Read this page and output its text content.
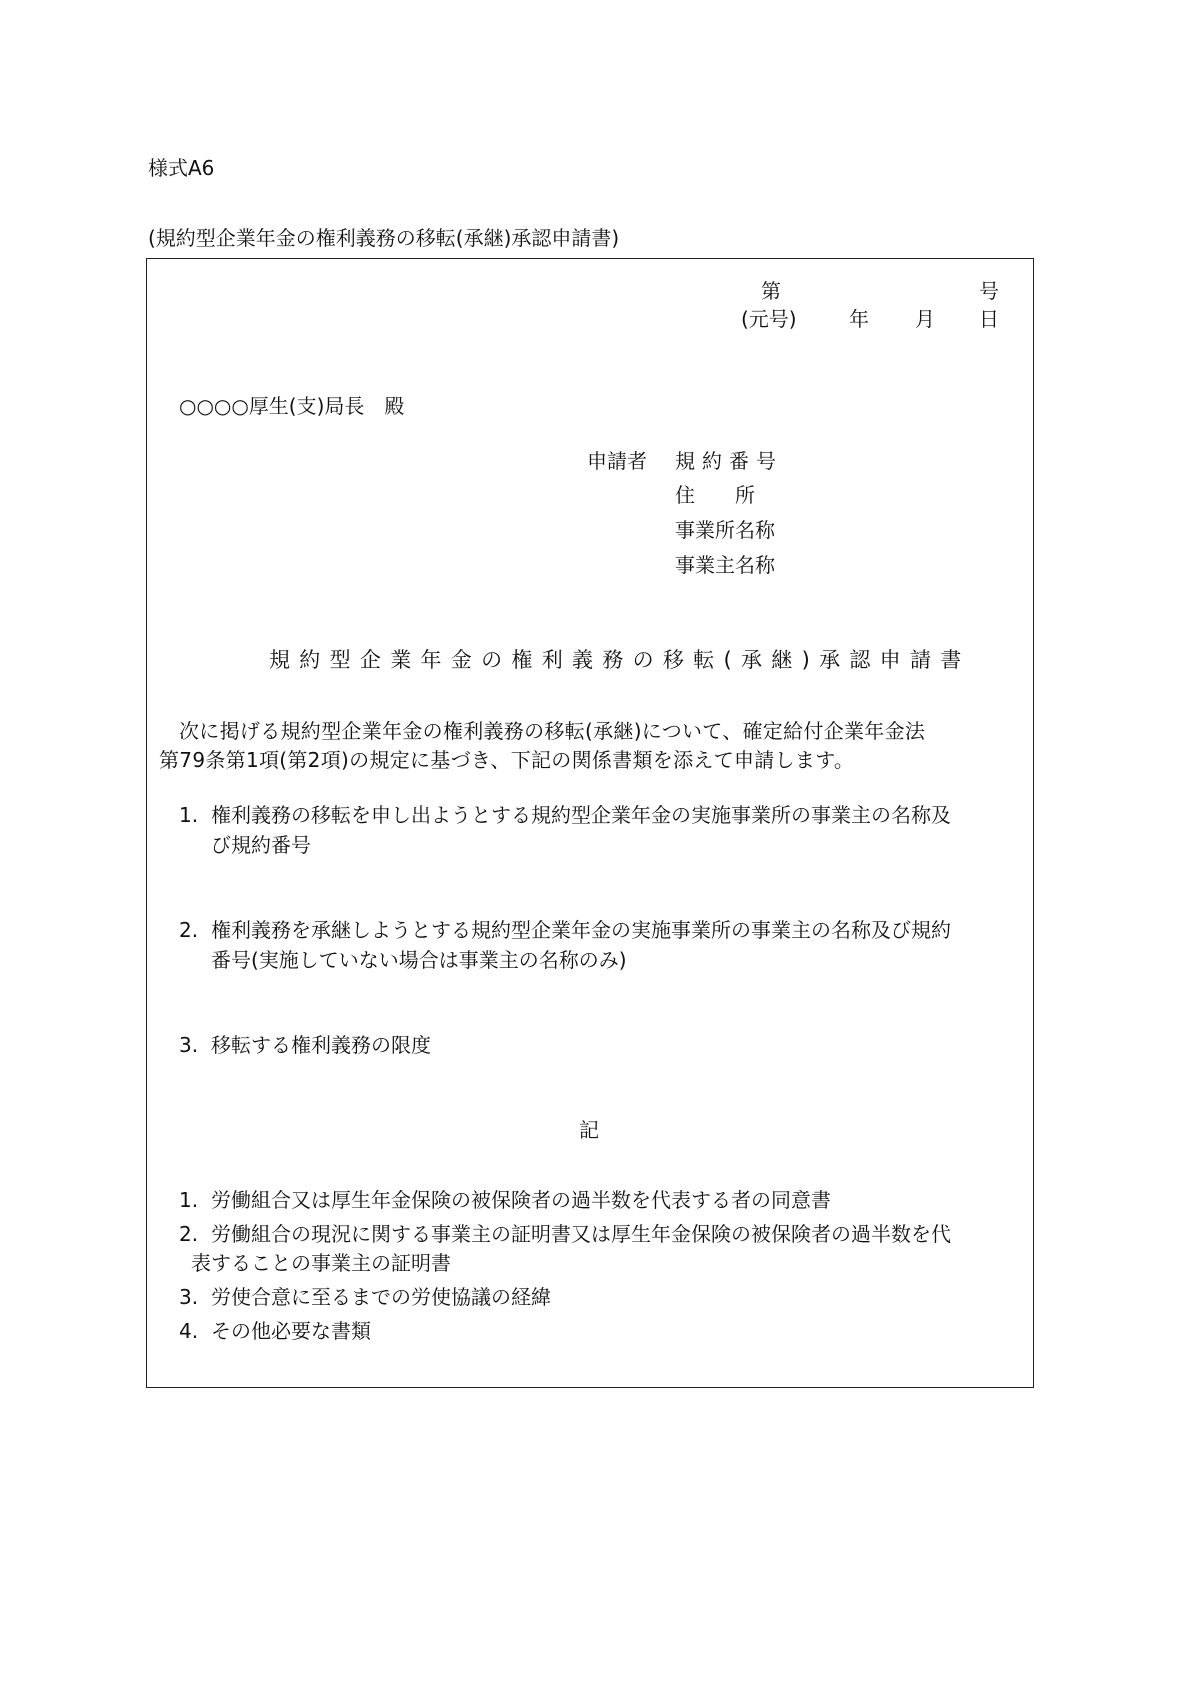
様式A6
(規約型企業年金の権利義務の移転(承継)承認申請書)
第	号
(元号)	年 月 日
○○○○厚生(支)局長　殿
申請者 規約番号
住　　所
事業所名称
事業主名称
規約型企業年金の権利義務の移転(承継)承認申請書
次に掲げる規約型企業年金の権利義務の移転(承継)について、確定給付企業年金法
第79条第1項(第2項)の規定に基づき、下記の関係書類を添えて申請します。
1. 権利義務の移転を申し出ようとする規約型企業年金の実施事業所の事業主の名称及
び規約番号
2. 権利義務を承継しようとする規約型企業年金の実施事業所の事業主の名称及び規約
番号(実施していない場合は事業主の名称のみ)
3. 移転する権利義務の限度
記
1. 労働組合又は厚生年金保険の被保険者の過半数を代表する者の同意書
2. 労働組合の現況に関する事業主の証明書又は厚生年金保険の被保険者の過半数を代
表することの事業主の証明書
3. 労使合意に至るまでの労使協議の経緯
4. その他必要な書類
